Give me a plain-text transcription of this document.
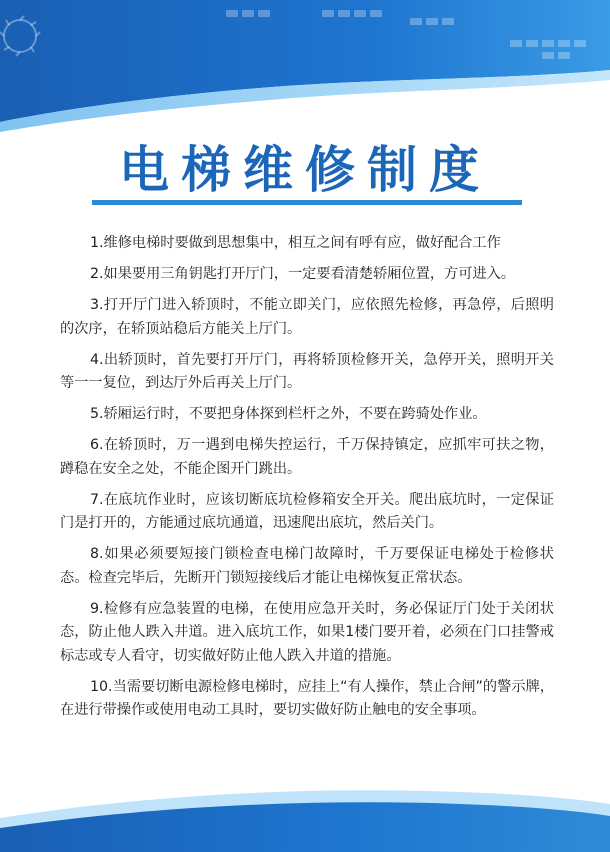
电梯维修制度
1.维修电梯时要做到思想集中，相互之间有呼有应，做好配合工作
2.如果要用三角钥匙打开厅门，一定要看清楚轿厢位置，方可进入。
3.打开厅门进入轿顶时，不能立即关门，应依照先检修，再急停，后照明的次序，在轿顶站稳后方能关上厅门。
4.出轿顶时，首先要打开厅门，再将轿顶检修开关，急停开关，照明开关等一一复位，到达厅外后再关上厅门。
5.轿厢运行时，不要把身体探到栏杆之外，不要在跨骑处作业。
6.在轿顶时，万一遇到电梯失控运行，千万保持镇定，应抓牢可扶之物，蹲稳在安全之处，不能企图开门跳出。
7.在底坑作业时，应该切断底坑检修箱安全开关。爬出底坑时，一定保证门是打开的，方能通过底坑通道，迅速爬出底坑，然后关门。
8.如果必须要短接门锁检查电梯门故障时，千万要保证电梯处于检修状态。检查完毕后，先断开门锁短接线后才能让电梯恢复正常状态。
9.检修有应急装置的电梯，在使用应急开关时，务必保证厅门处于关闭状态，防止他人跌入井道。进入底坑工作，如果1楼门要开着，必须在门口挂警戒标志或专人看守，切实做好防止他人跌入井道的措施。
10.当需要切断电源检修电梯时，应挂上“有人操作，禁止合闸”的警示牌，在进行带操作或使用电动工具时，要切实做好防止触电的安全事项。
